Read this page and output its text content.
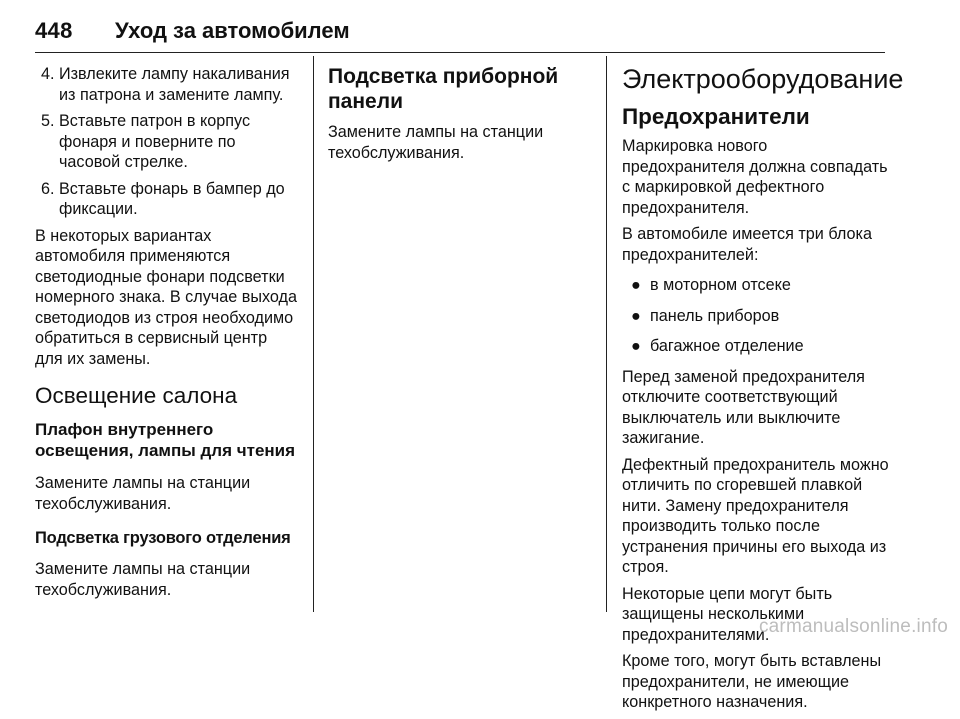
448 Уход за автомобилем
4. Извлеките лампу накаливания из патрона и замените лампу.
5. Вставьте патрон в корпус фонаря и поверните по часовой стрелке.
6. Вставьте фонарь в бампер до фиксации.

В некоторых вариантах автомобиля применяются светодиодные фонари подсветки номерного знака. В случае выхода светодиодов из строя необходимо обратиться в сервисный центр для их замены.

Освещение салона
Плафон внутреннего освещения, лампы для чтения

Замените лампы на станции техобслуживания.

Подсветка грузового отделения

Замените лампы на станции техобслуживания.

Подсветка приборной панели

Замените лампы на станции техобслуживания.

Электрооборудование
Предохранители

Маркировка нового предохранителя должна совпадать с маркировкой дефектного предохранителя.

В автомобиле имеется три блока предохранителей:

● в моторном отсеке
● панель приборов
● багажное отделение

Перед заменой предохранителя отключите соответствующий выключатель или выключите зажигание.

Дефектный предохранитель можно отличить по сгоревшей плавкой нити. Замену предохранителя производить только после устранения причины его выхода из строя.

Некоторые цепи могут быть защищены несколькими предохранителями.

Кроме того, могут быть вставлены предохранители, не имеющие конкретного назначения.

carmanualsonline.info
